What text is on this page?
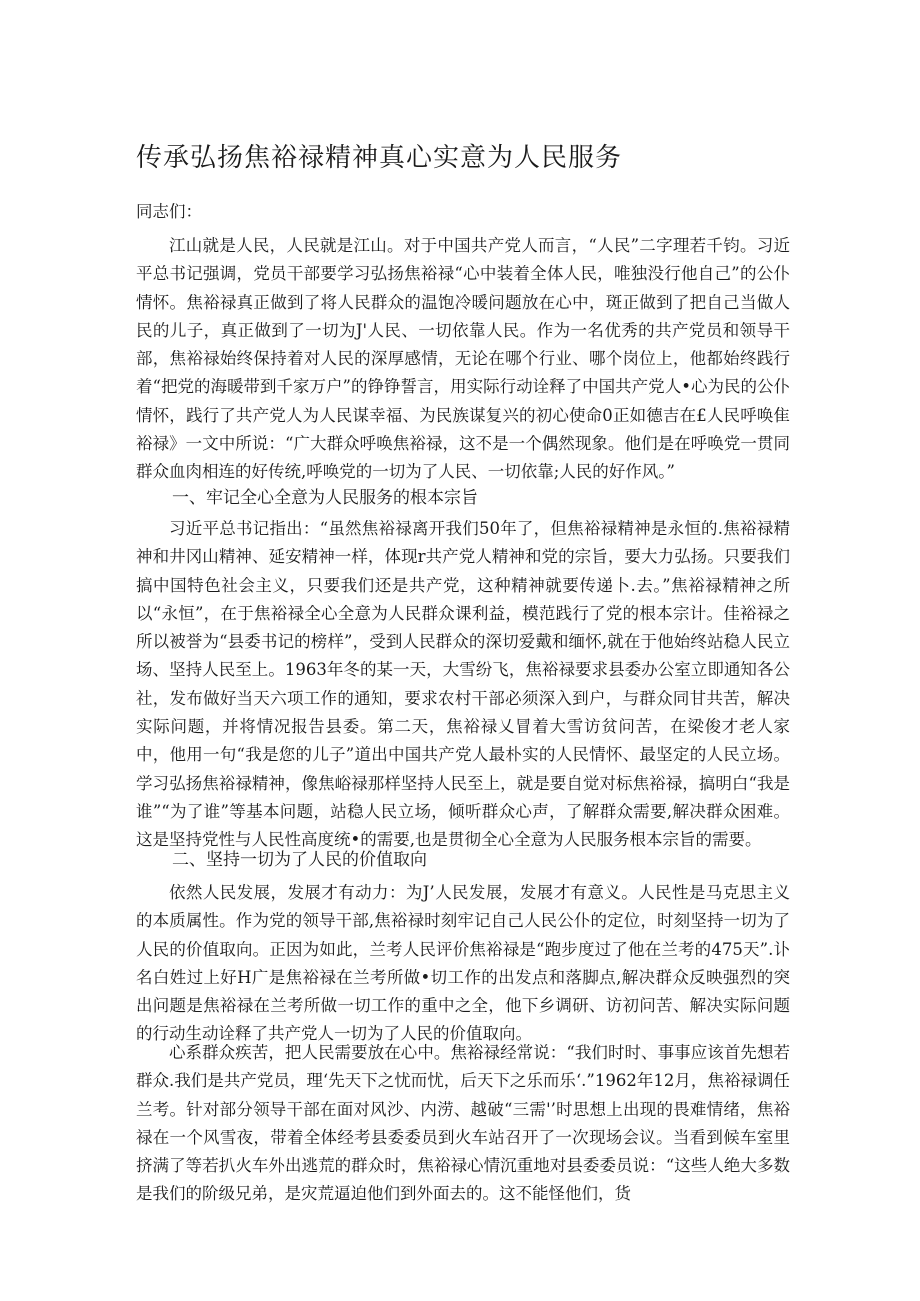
传承弘扬焦裕禄精神真心实意为人民服务
同志们：

江山就是人民，人民就是江山。对于中国共产党人而言，“人民”二字理若千钧。习近平总书记强调，党员干部要学习弘扬焦裕禄“心中装着全体人民，唯独没行他自己”的公仆情怀。焦裕禄真正做到了将人民群众的温饱冷暖问题放在心中，斑正做到了把自己当做人民的儿子，真正做到了一切为J'人民、一切依靠人民。作为一名优秀的共产党员和领导干部，焦裕禄始终保持着对人民的深厚感情，无论在哪个行业、哪个岗位上，他都始终践行着“把党的海暖带到千家万户”的铮铮誓言，用实际行动诠释了中国共产党人•心为民的公仆情怀，践行了共产党人为人民谋幸福、为民族谋复兴的初心使命0正如德吉在£人民呼唤隹裕禄》一文中所说：“广大群众呼唤焦裕禄，这不是一个偶然现象。他们是在呼唤党一贯同群众血肉相连的好传统,呼唤党的一切为了人民、一切依靠;人民的好作风。”

一、牢记全心全意为人民服务的根本宗旨

习近平总书记指出：“虽然焦裕禄离开我们50年了，但焦裕禄精神是永恒的.焦裕禄精神和井冈山精神、延安精神一样，体现r共产党人精神和党的宗旨，要大力弘扬。只要我们搞中国特色社会主义，只要我们还是共产党，这种精神就要传递卜.去。”焦裕禄精神之所以“永恒”，在于焦裕禄全心全意为人民群众课利益，模范践行了党的根本宗计。佳裕禄之所以被誉为“县委书记的榜样”，受到人民群众的深切爱戴和缅怀,就在于他始终站稳人民立场、坚持人民至上。1963年冬的某一天，大雪纷飞，焦裕禄要求县委办公室立即通知各公社，发布做好当天六项工作的通知，要求农村干部必须深入到户，与群众同甘共苦，解决实际问题，并将情况报告县委。第二天，焦裕禄乂冒着大雪访贫问苦，在梁俊才老人家中，他用一句“我是您的儿子”道出中国共产党人最朴实的人民情怀、最坚定的人民立场。学习弘扬焦裕禄精神，像焦峪禄那样坚持人民至上，就是要自觉对标焦裕禄，搞明白“我是谁”“为了谁”等基本问题，站稳人民立场，倾听群众心声，了解群众需要,解决群众困难。这是坚持党性与人民性高度统•的需要,也是贯彻全心全意为人民服务根本宗旨的需要。

二、坚持一切为了人民的价值取向

依然人民发展，发展才有动力：为J’人民发展，发展才有意义。人民性是马克思主义的本质属性。作为党的领导干部,焦裕禄时刻牢记自己人民公仆的定位，时刻坚持一切为了人民的价值取向。正因为如此，兰考人民评价焦裕禄是“跑步度过了他在兰考的475天”.讣名白姓过上好H广是焦裕禄在兰考所做•切工作的出发点和落脚点,解决群众反映强烈的突出问题是焦裕禄在兰考所做一切工作的重中之全，他下乡调研、访初问苦、解决实际问题的行动生动诠释了共产党人一切为了人民的价值取向。

心系群众疾苦，把人民需要放在心中。焦裕禄经常说：“我们时时、事事应该首先想若群众.我们是共产党员，理‘先天下之忧而忧，后天下之乐而乐‘.”1962年12月，焦裕禄调任兰考。针对部分领导干部在面对风沙、内涝、越破“三需'’时思想上出现的畏难情绪，焦裕禄在一个风雪夜，带着全体经考县委委员到火车站召开了一次现场会议。当看到候车室里挤满了等若扒火车外出逃荒的群众时，焦裕禄心情沉重地对县委委员说：“这些人绝大多数是我们的阶级兄弟，是灾荒逼迫他们到外面去的。这不能怪他们，货
